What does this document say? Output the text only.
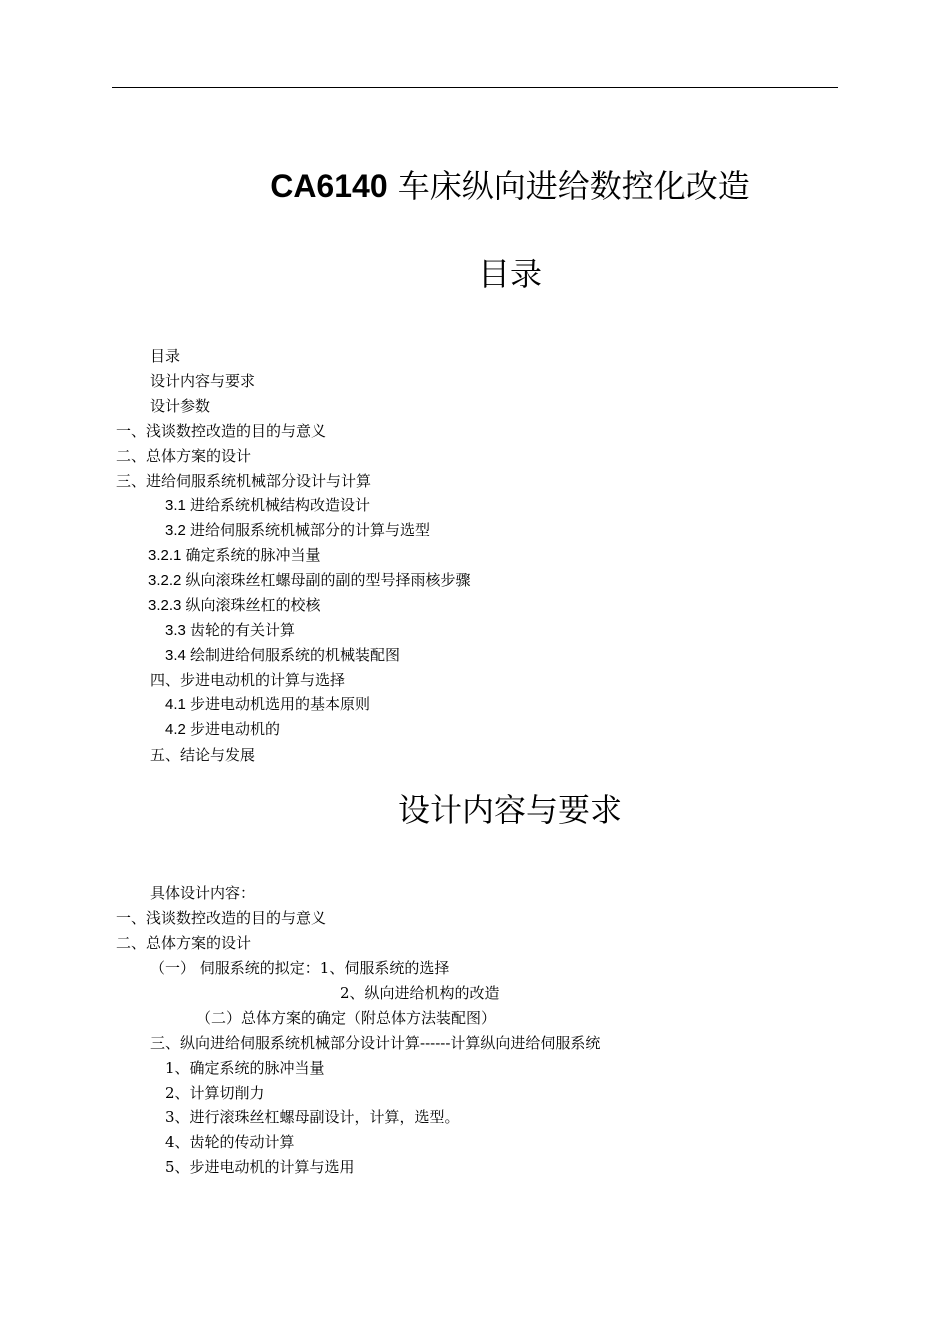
CA6140 车床纵向进给数控化改造
目录
目录
设计内容与要求
设计参数
一、浅谈数控改造的目的与意义
二、总体方案的设计
三、进给伺服系统机械部分设计与计算
3.1 进给系统机械结构改造设计
3.2 进给伺服系统机械部分的计算与选型
3.2.1 确定系统的脉冲当量
3.2.2 纵向滚珠丝杠螺母副的副的型号择雨核步骤
3.2.3 纵向滚珠丝杠的校核
3.3 齿轮的有关计算
3.4 绘制进给伺服系统的机械装配图
四、步进电动机的计算与选择
4.1 步进电动机选用的基本原则
4.2 步进电动机的
五、结论与发展
设计内容与要求
具体设计内容：
一、浅谈数控改造的目的与意义
二、总体方案的设计
（一） 伺服系统的拟定：1、伺服系统的选择
2、纵向进给机构的改造
（二）总体方案的确定（附总体方法装配图）
三、纵向进给伺服系统机械部分设计计算------计算纵向进给伺服系统
1、确定系统的脉冲当量
2、计算切削力
3、进行滚珠丝杠螺母副设计，计算，选型。
4、齿轮的传动计算
5、步进电动机的计算与选用
